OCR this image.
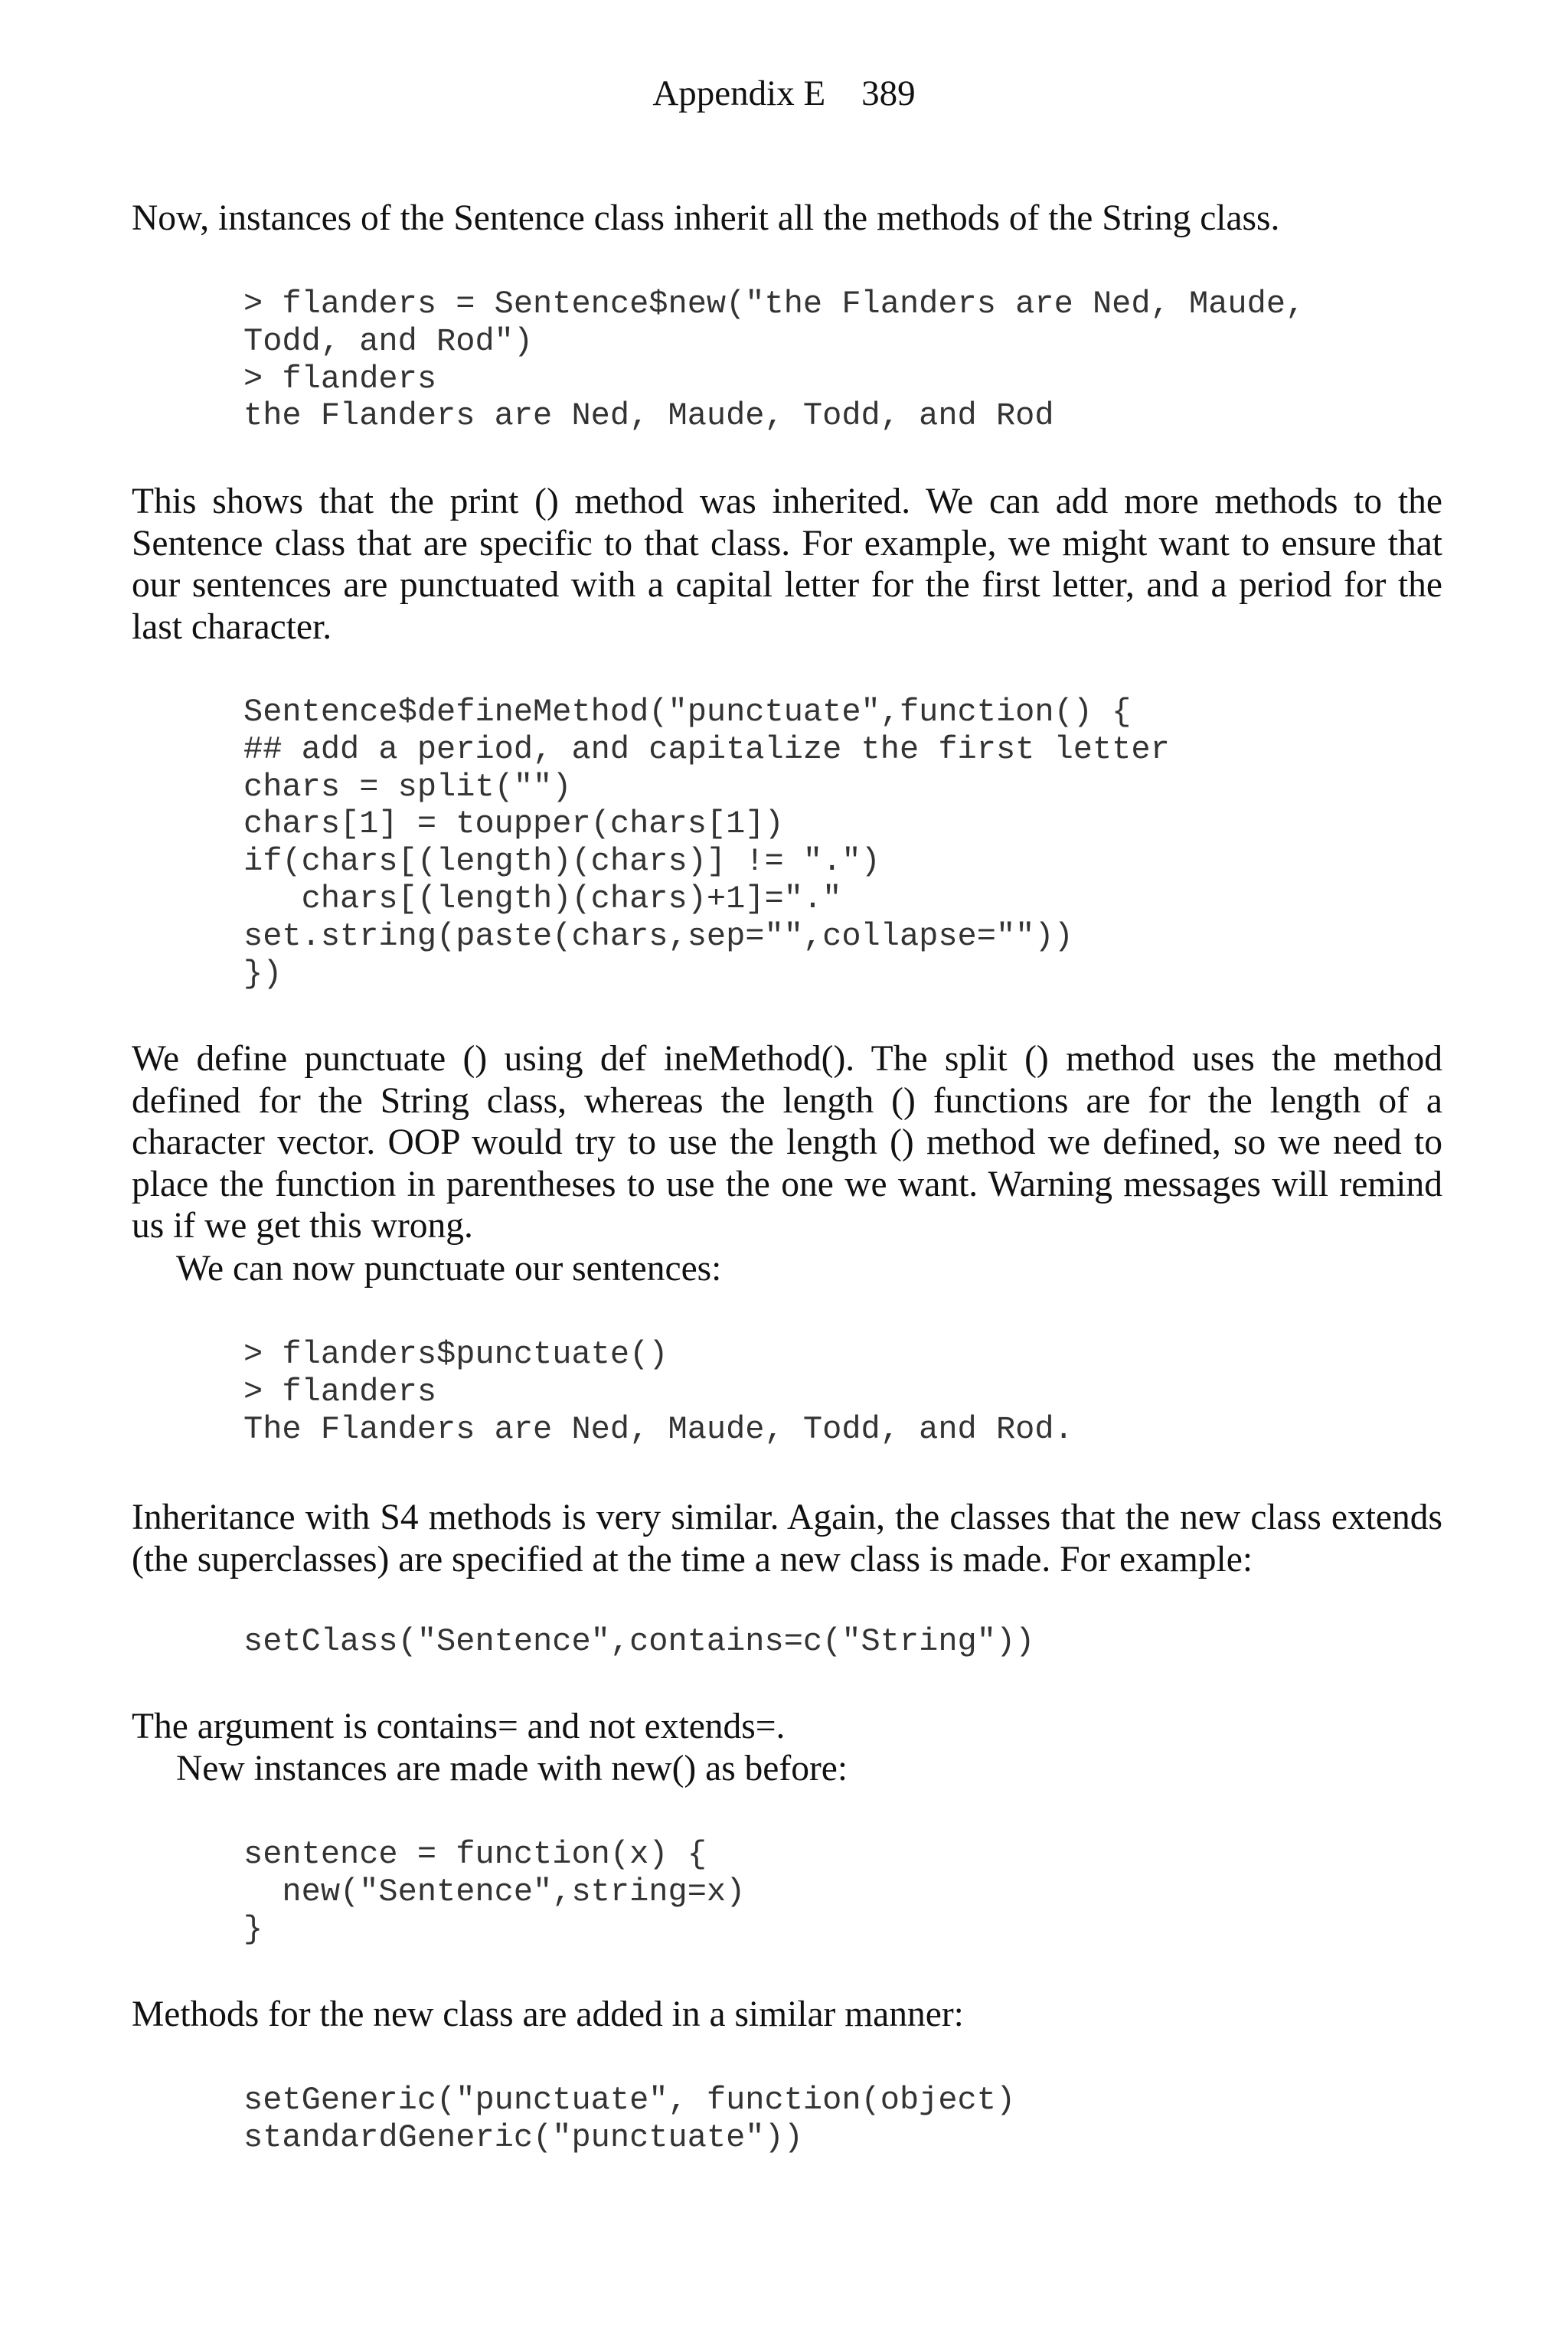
Appendix E    389

Now, instances of the Sentence class inherit all the methods of the String class.

> flanders = Sentence$new("the Flanders are Ned, Maude,
Todd, and Rod")
> flanders
the Flanders are Ned, Maude, Todd, and Rod

This shows that the print () method was inherited. We can add more methods to the Sentence class that are specific to that class. For example, we might want to ensure that our sentences are punctuated with a capital letter for the first letter, and a period for the last character.

Sentence$defineMethod("punctuate",function() {
## add a period, and capitalize the first letter
chars = split("")
chars[1] = toupper(chars[1])
if(chars[(length)(chars)] != ".")
chars[(length)(chars)+1]="."
set.string(paste(chars,sep="",collapse=""))
})

We define punctuate () using def ineMethod(). The split () method uses the method defined for the String class, whereas the length () functions are for the length of a character vector. OOP would try to use the length () method we defined, so we need to place the function in parentheses to use the one we want. Warning messages will remind us if we get this wrong.

We can now punctuate our sentences:

> flanders$punctuate()
> flanders
The Flanders are Ned, Maude, Todd, and Rod.

Inheritance with S4 methods is very similar. Again, the classes that the new class extends (the superclasses) are specified at the time a new class is made. For example:

setClass("Sentence",contains=c("String"))

The argument is contains= and not extends=.

New instances are made with new() as before:

sentence = function(x) {
new("Sentence",string=x)
}

Methods for the new class are added in a similar manner:

setGeneric("punctuate", function(object)
standardGeneric("punctuate"))
